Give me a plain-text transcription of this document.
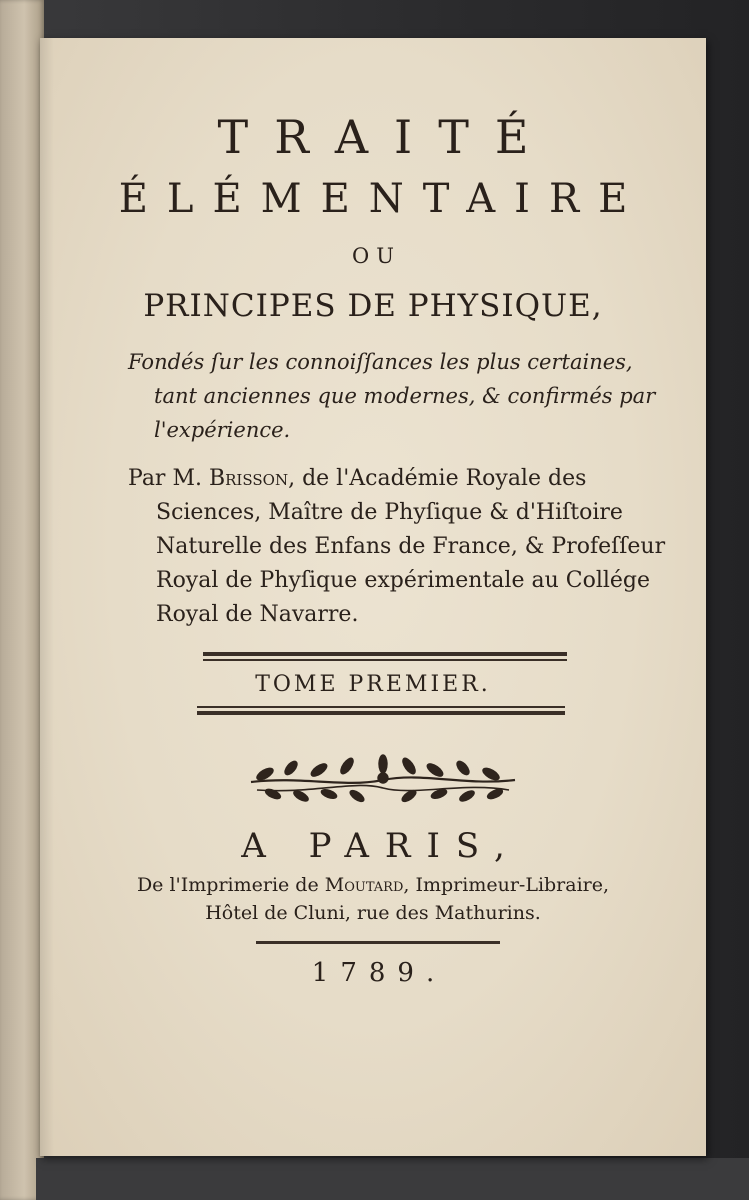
TRAITÉ

ÉLÉMENTAIRE

OU

PRINCIPES DE PHYSIQUE,

Fondés ſur les connoiſſances les plus certaines,

tant anciennes que modernes, & confirmés par

l'expérience.

Par M. Brisson, de l'Académie Royale des

Sciences, Maître de Phyſique & d'Hiſtoire

Naturelle des Enfans de France, & Profeſſeur

Royal de Phyſique expérimentale au Collége

Royal de Navarre.

TOME PREMIER.

A PARIS,

De l'Imprimerie de Moutard, Imprimeur-Libraire,

Hôtel de Cluni, rue des Mathurins.

1789.
